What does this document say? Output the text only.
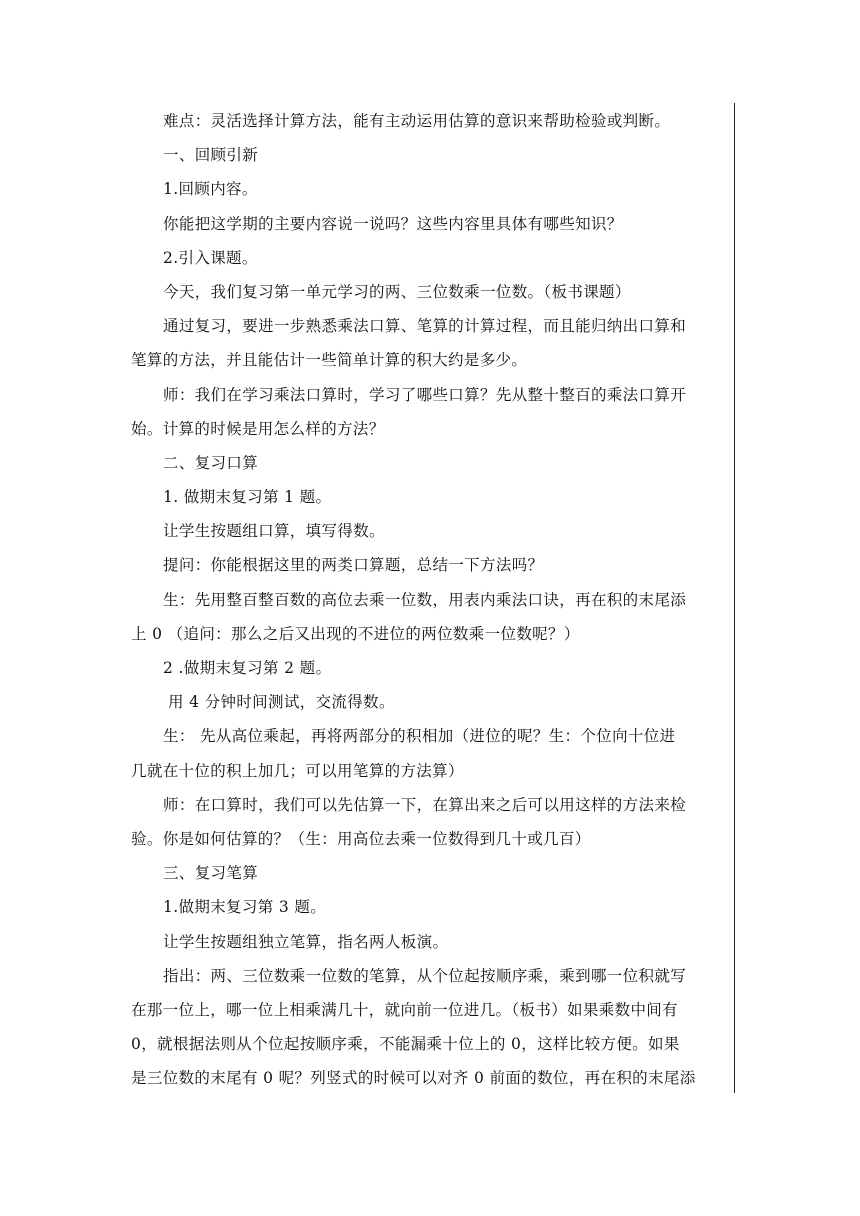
难点：灵活选择计算方法，能有主动运用估算的意识来帮助检验或判断。
一、回顾引新
1.回顾内容。
你能把这学期的主要内容说一说吗？这些内容里具体有哪些知识？
2.引入课题。
今天，我们复习第一单元学习的两、三位数乘一位数。（板书课题）
通过复习，要进一步熟悉乘法口算、笔算的计算过程，而且能归纳出口算和
笔算的方法，并且能估计一些简单计算的积大约是多少。
师：我们在学习乘法口算时，学习了哪些口算？先从整十整百的乘法口算开
始。计算的时候是用怎么样的方法？
二、复习口算
1. 做期末复习第 1 题。
让学生按题组口算，填写得数。
提问：你能根据这里的两类口算题，总结一下方法吗？
生：先用整百整百数的高位去乘一位数，用表内乘法口诀，再在积的末尾添
上 0 （追问：那么之后又出现的不进位的两位数乘一位数呢？）
2 .做期末复习第 2 题。
用 4 分钟时间测试，交流得数。
生： 先从高位乘起，再将两部分的积相加（进位的呢？生：个位向十位进
几就在十位的积上加几；可以用笔算的方法算）
师：在口算时，我们可以先估算一下，在算出来之后可以用这样的方法来检
验。你是如何估算的？（生：用高位去乘一位数得到几十或几百）
三、复习笔算
1.做期末复习第 3 题。
让学生按题组独立笔算，指名两人板演。
指出：两、三位数乘一位数的笔算，从个位起按顺序乘，乘到哪一位积就写
在那一位上，哪一位上相乘满几十，就向前一位进几。（板书）如果乘数中间有
0，就根据法则从个位起按顺序乘，不能漏乘十位上的 0，这样比较方便。如果
是三位数的末尾有 0 呢？列竖式的时候可以对齐 0 前面的数位，再在积的末尾添
